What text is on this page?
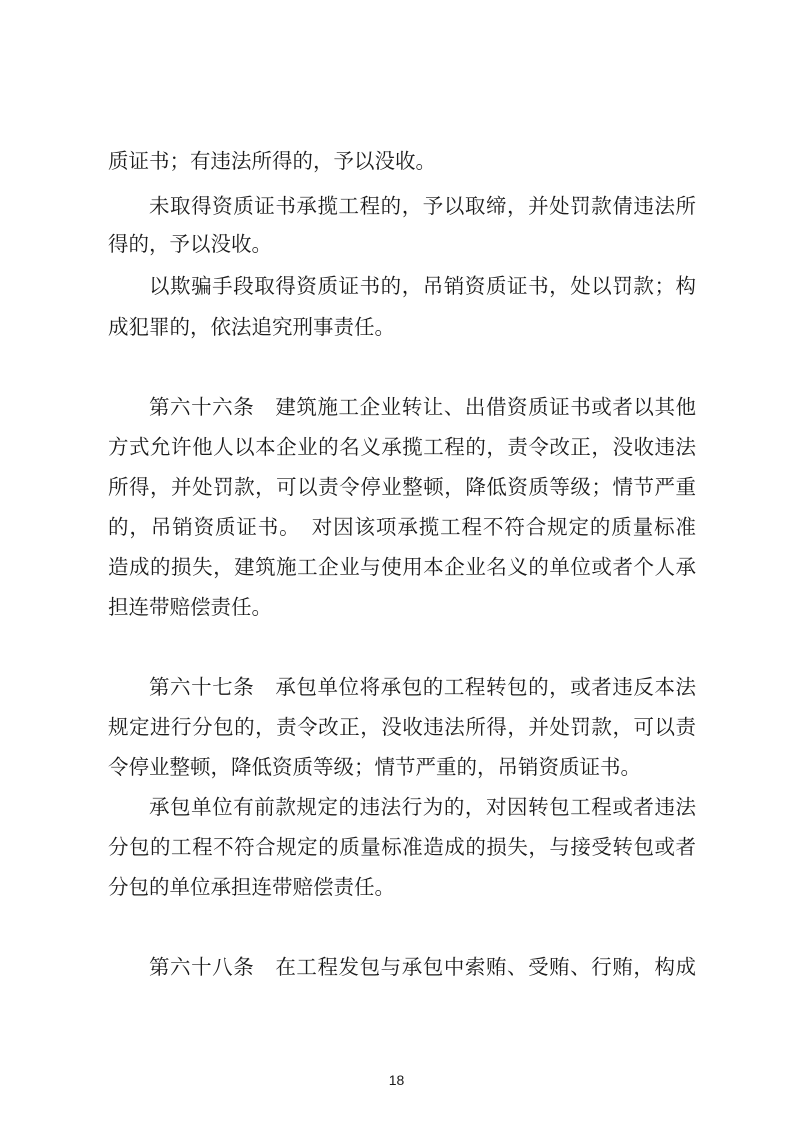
质证书；有违法所得的，予以没收。
未取得资质证书承揽工程的，予以取缔，并处罚款倩违法所
得的，予以没收。
以欺骗手段取得资质证书的，吊销资质证书，处以罚款；构
成犯罪的，依法追究刑事责任。
第六十六条　建筑施工企业转让、出借资质证书或者以其他
方式允许他人以本企业的名义承揽工程的，责令改正，没收违法
所得，并处罚款，可以责令停业整顿，降低资质等级；情节严重
的，吊销资质证书。　对因该项承揽工程不符合规定的质量标准
造成的损失，建筑施工企业与使用本企业名义的单位或者个人承
担连带赔偿责任。
第六十七条　承包单位将承包的工程转包的，或者违反本法
规定进行分包的，责令改正，没收违法所得，并处罚款，可以责
令停业整顿，降低资质等级；情节严重的，吊销资质证书。
承包单位有前款规定的违法行为的，对因转包工程或者违法
分包的工程不符合规定的质量标准造成的损失，与接受转包或者
分包的单位承担连带赔偿责任。
第六十八条　在工程发包与承包中索贿、受贿、行贿，构成
18
